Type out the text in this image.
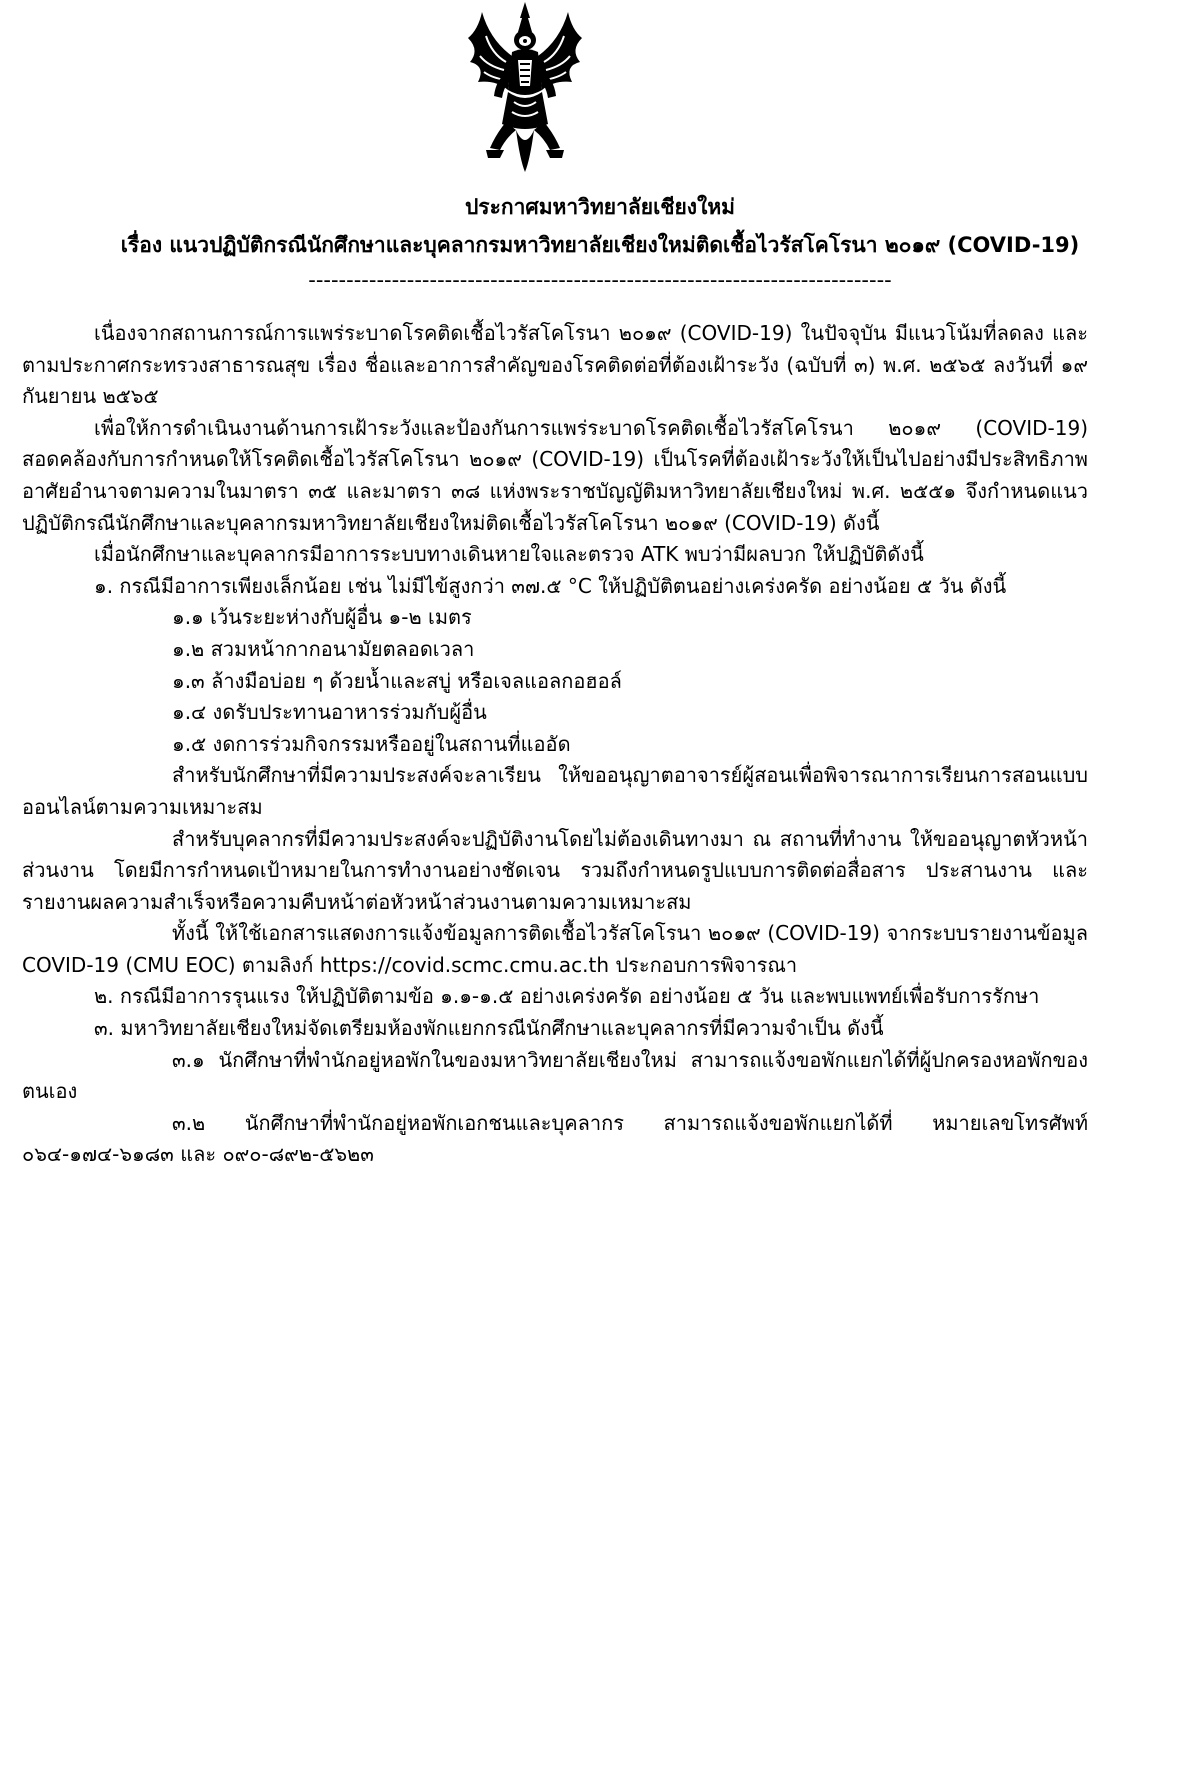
ประกาศมหาวิทยาลัยเชียงใหม่
เรื่อง แนวปฏิบัติกรณีนักศึกษาและบุคลากรมหาวิทยาลัยเชียงใหม่ติดเชื้อไวรัสโคโรนา ๒๐๑๙ (COVID-19)
-----------------------------------------------------------------------------

เนื่องจากสถานการณ์การแพร่ระบาดโรคติดเชื้อไวรัสโคโรนา ๒๐๑๙ (COVID-19) ในปัจจุบัน มีแนวโน้มที่ลดลง และตามประกาศกระทรวงสาธารณสุข เรื่อง ชื่อและอาการสำคัญของโรคติดต่อที่ต้องเฝ้าระวัง (ฉบับที่ ๓) พ.ศ. ๒๕๖๕ ลงวันที่ ๑๙ กันยายน ๒๕๖๕

เพื่อให้การดำเนินงานด้านการเฝ้าระวังและป้องกันการแพร่ระบาดโรคติดเชื้อไวรัสโคโรนา ๒๐๑๙ (COVID-19) สอดคล้องกับการกำหนดให้โรคติดเชื้อไวรัสโคโรนา ๒๐๑๙ (COVID-19) เป็นโรคที่ต้องเฝ้าระวังให้เป็นไปอย่างมีประสิทธิภาพ อาศัยอำนาจตามความในมาตรา ๓๕ และมาตรา ๓๘ แห่งพระราชบัญญัติมหาวิทยาลัยเชียงใหม่ พ.ศ. ๒๕๕๑ จึงกำหนดแนวปฏิบัติกรณีนักศึกษาและบุคลากรมหาวิทยาลัยเชียงใหม่ติดเชื้อไวรัสโคโรนา ๒๐๑๙ (COVID-19) ดังนี้

เมื่อนักศึกษาและบุคลากรมีอาการระบบทางเดินหายใจและตรวจ ATK พบว่ามีผลบวก ให้ปฏิบัติดังนี้

๑. กรณีมีอาการเพียงเล็กน้อย เช่น ไม่มีไข้สูงกว่า ๓๗.๕ °C ให้ปฏิบัติตนอย่างเคร่งครัด อย่างน้อย ๕ วัน ดังนี้

๑.๑ เว้นระยะห่างกับผู้อื่น ๑-๒ เมตร

๑.๒ สวมหน้ากากอนามัยตลอดเวลา

๑.๓ ล้างมือบ่อย ๆ ด้วยน้ำและสบู่ หรือเจลแอลกอฮอล์

๑.๔ งดรับประทานอาหารร่วมกับผู้อื่น

๑.๕ งดการร่วมกิจกรรมหรืออยู่ในสถานที่แออัด

สำหรับนักศึกษาที่มีความประสงค์จะลาเรียน ให้ขออนุญาตอาจารย์ผู้สอนเพื่อพิจารณาการเรียนการสอนแบบออนไลน์ตามความเหมาะสม

สำหรับบุคลากรที่มีความประสงค์จะปฏิบัติงานโดยไม่ต้องเดินทางมา ณ สถานที่ทำงาน ให้ขออนุญาตหัวหน้าส่วนงาน โดยมีการกำหนดเป้าหมายในการทำงานอย่างชัดเจน รวมถึงกำหนดรูปแบบการติดต่อสื่อสาร ประสานงาน และรายงานผลความสำเร็จหรือความคืบหน้าต่อหัวหน้าส่วนงานตามความเหมาะสม

ทั้งนี้ ให้ใช้เอกสารแสดงการแจ้งข้อมูลการติดเชื้อไวรัสโคโรนา ๒๐๑๙ (COVID-19) จากระบบรายงานข้อมูล COVID-19 (CMU EOC) ตามลิงก์ https://covid.scmc.cmu.ac.th ประกอบการพิจารณา

๒. กรณีมีอาการรุนแรง ให้ปฏิบัติตามข้อ ๑.๑-๑.๕ อย่างเคร่งครัด อย่างน้อย ๕ วัน และพบแพทย์เพื่อรับการรักษา

๓. มหาวิทยาลัยเชียงใหม่จัดเตรียมห้องพักแยกกรณีนักศึกษาและบุคลากรที่มีความจำเป็น ดังนี้

๓.๑ นักศึกษาที่พำนักอยู่หอพักในของมหาวิทยาลัยเชียงใหม่ สามารถแจ้งขอพักแยกได้ที่ผู้ปกครองหอพักของตนเอง

๓.๒ นักศึกษาที่พำนักอยู่หอพักเอกชนและบุคลากร สามารถแจ้งขอพักแยกได้ที่ หมายเลขโทรศัพท์ ๐๖๔-๑๗๔-๖๑๘๓ และ ๐๙๐-๘๙๒-๕๖๒๓
